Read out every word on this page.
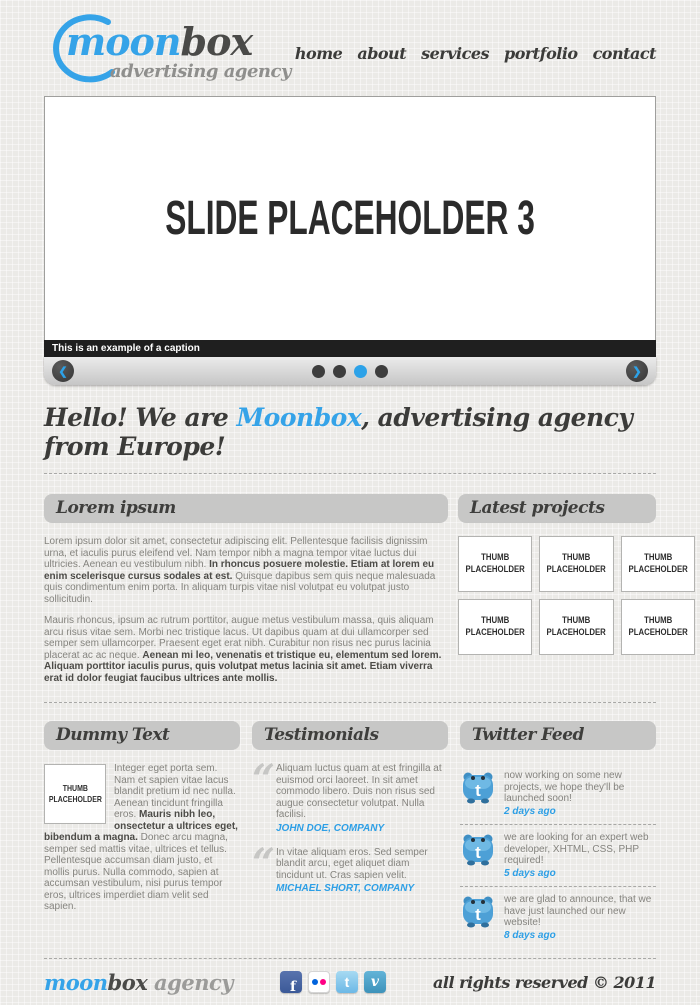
moonbox
advertising agency
home about services portfolio contact
SLIDE PLACEHOLDER 3
This is an example of a caption
❮	❯
Hello! We are Moonbox, advertising agency from Europe!
Lorem ipsum

Lorem ipsum dolor sit amet, consectetur adipiscing elit. Pellentesque facilisis dignissim urna, et iaculis purus eleifend vel. Nam tempor nibh a magna tempor vitae luctus dui ultricies. Aenean eu vestibulum nibh. In rhoncus posuere molestie. Etiam at lorem eu enim scelerisque cursus sodales at est. Quisque dapibus sem quis neque malesuada quis condimentum enim porta. In aliquam turpis vitae nisl volutpat eu volutpat justo sollicitudin.

Mauris rhoncus, ipsum ac rutrum porttitor, augue metus vestibulum massa, quis aliquam arcu risus vitae sem. Morbi nec tristique lacus. Ut dapibus quam at dui ullamcorper sed semper sem ullamcorper. Praesent eget erat nibh. Curabitur non risus nec purus lacinia placerat ac ac neque. Aenean mi leo, venenatis et tristique eu, elementum sed lorem. Aliquam porttitor iaculis purus, quis volutpat metus lacinia sit amet. Etiam viverra erat id dolor feugiat faucibus ultrices ante mollis.

Latest projects
THUMB
PLACEHOLDER
THUMB
PLACEHOLDER
THUMB
PLACEHOLDER
THUMB
PLACEHOLDER
THUMB
PLACEHOLDER
THUMB
PLACEHOLDER
Dummy Text
THUMB
PLACEHOLDER
Integer eget porta sem. Nam et sapien vitae lacus blandit pretium id nec nulla. Aenean tincidunt fringilla eros. Mauris nibh leo, onsectetur a ultrices eget, bibendum a magna. Donec arcu magna, semper sed mattis vitae, ultrices et tellus. Pellentesque accumsan diam justo, et mollis purus. Nulla commodo, sapien at accumsan vestibulum, nisi purus tempor eros, ultrices imperdiet diam velit sed sapien.
Testimonials
“ Aliquam luctus quam at est fringilla at euismod orci laoreet. In sit amet commodo libero. Duis non risus sed augue consectetur volutpat. Nulla facilisi.
JOHN DOE, COMPANY
“ In vitae aliquam eros. Sed semper blandit arcu, eget aliquet diam tincidunt ut. Cras sapien velit.
MICHAEL SHORT, COMPANY
Twitter Feed
t
now working on some new projects, we hope they'll be launched soon!
2 days ago
t
we are looking for an expert web developer, XHTML, CSS, PHP required!
5 days ago
t
we are glad to announce, that we have just launched our new website!
8 days ago
moonbox agency	f	t v	all rights reserved © 2011
